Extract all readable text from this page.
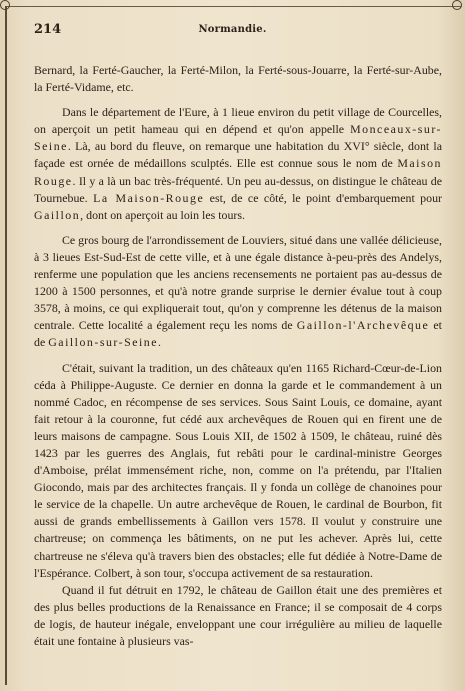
214	Normandie.

Bernard, la Ferté-Gaucher, la Ferté-Milon, la Ferté-sous-Jouarre, la Ferté-sur-Aube, la Ferté-Vidame, etc.

Dans le département de l'Eure, à 1 lieue environ du petit village de Courcelles, on aperçoit un petit hameau qui en dépend et qu'on appelle Monceaux-sur-Seine. Là, au bord du fleuve, on remarque une habitation du XVI° siècle, dont la façade est ornée de médaillons sculptés. Elle est connue sous le nom de Maison Rouge. Il y a là un bac très-fréquenté. Un peu au-dessus, on distingue le château de Tournebue. La Maison-Rouge est, de ce côté, le point d'embarquement pour Gaillon, dont on aperçoit au loin les tours.

Ce gros bourg de l'arrondissement de Louviers, situé dans une vallée délicieuse, à 3 lieues Est-Sud-Est de cette ville, et à une égale distance à-peu-près des Andelys, renferme une population que les anciens recensements ne portaient pas au-dessus de 1200 à 1500 personnes, et qu'à notre grande surprise le dernier évalue tout à coup 3578, à moins, ce qui expliquerait tout, qu'on y comprenne les détenus de la maison centrale. Cette localité a également reçu les noms de Gaillon-l'Archevêque et de Gaillon-sur-Seine.

C'était, suivant la tradition, un des châteaux qu'en 1165 Richard-Cœur-de-Lion céda à Philippe-Auguste. Ce dernier en donna la garde et le commandement à un nommé Cadoc, en récompense de ses services. Sous Saint Louis, ce domaine, ayant fait retour à la couronne, fut cédé aux archevêques de Rouen qui en firent une de leurs maisons de campagne. Sous Louis XII, de 1502 à 1509, le château, ruiné dès 1423 par les guerres des Anglais, fut rebâti pour le cardinal-ministre Georges d'Amboise, prélat immensément riche, non, comme on l'a prétendu, par l'Italien Giocondo, mais par des architectes français. Il y fonda un collège de chanoines pour le service de la chapelle. Un autre archevêque de Rouen, le cardinal de Bourbon, fit aussi de grands embellissements à Gaillon vers 1578. Il voulut y construire une chartreuse; on commença les bâtiments, on ne put les achever. Après lui, cette chartreuse ne s'éleva qu'à travers bien des obstacles; elle fut dédiée à Notre-Dame de l'Espérance. Colbert, à son tour, s'occupa activement de sa restauration.

Quand il fut détruit en 1792, le château de Gaillon était une des premières et des plus belles productions de la Renaissance en France; il se composait de 4 corps de logis, de hauteur inégale, enveloppant une cour irrégulière au milieu de laquelle était une fontaine à plusieurs vas-
